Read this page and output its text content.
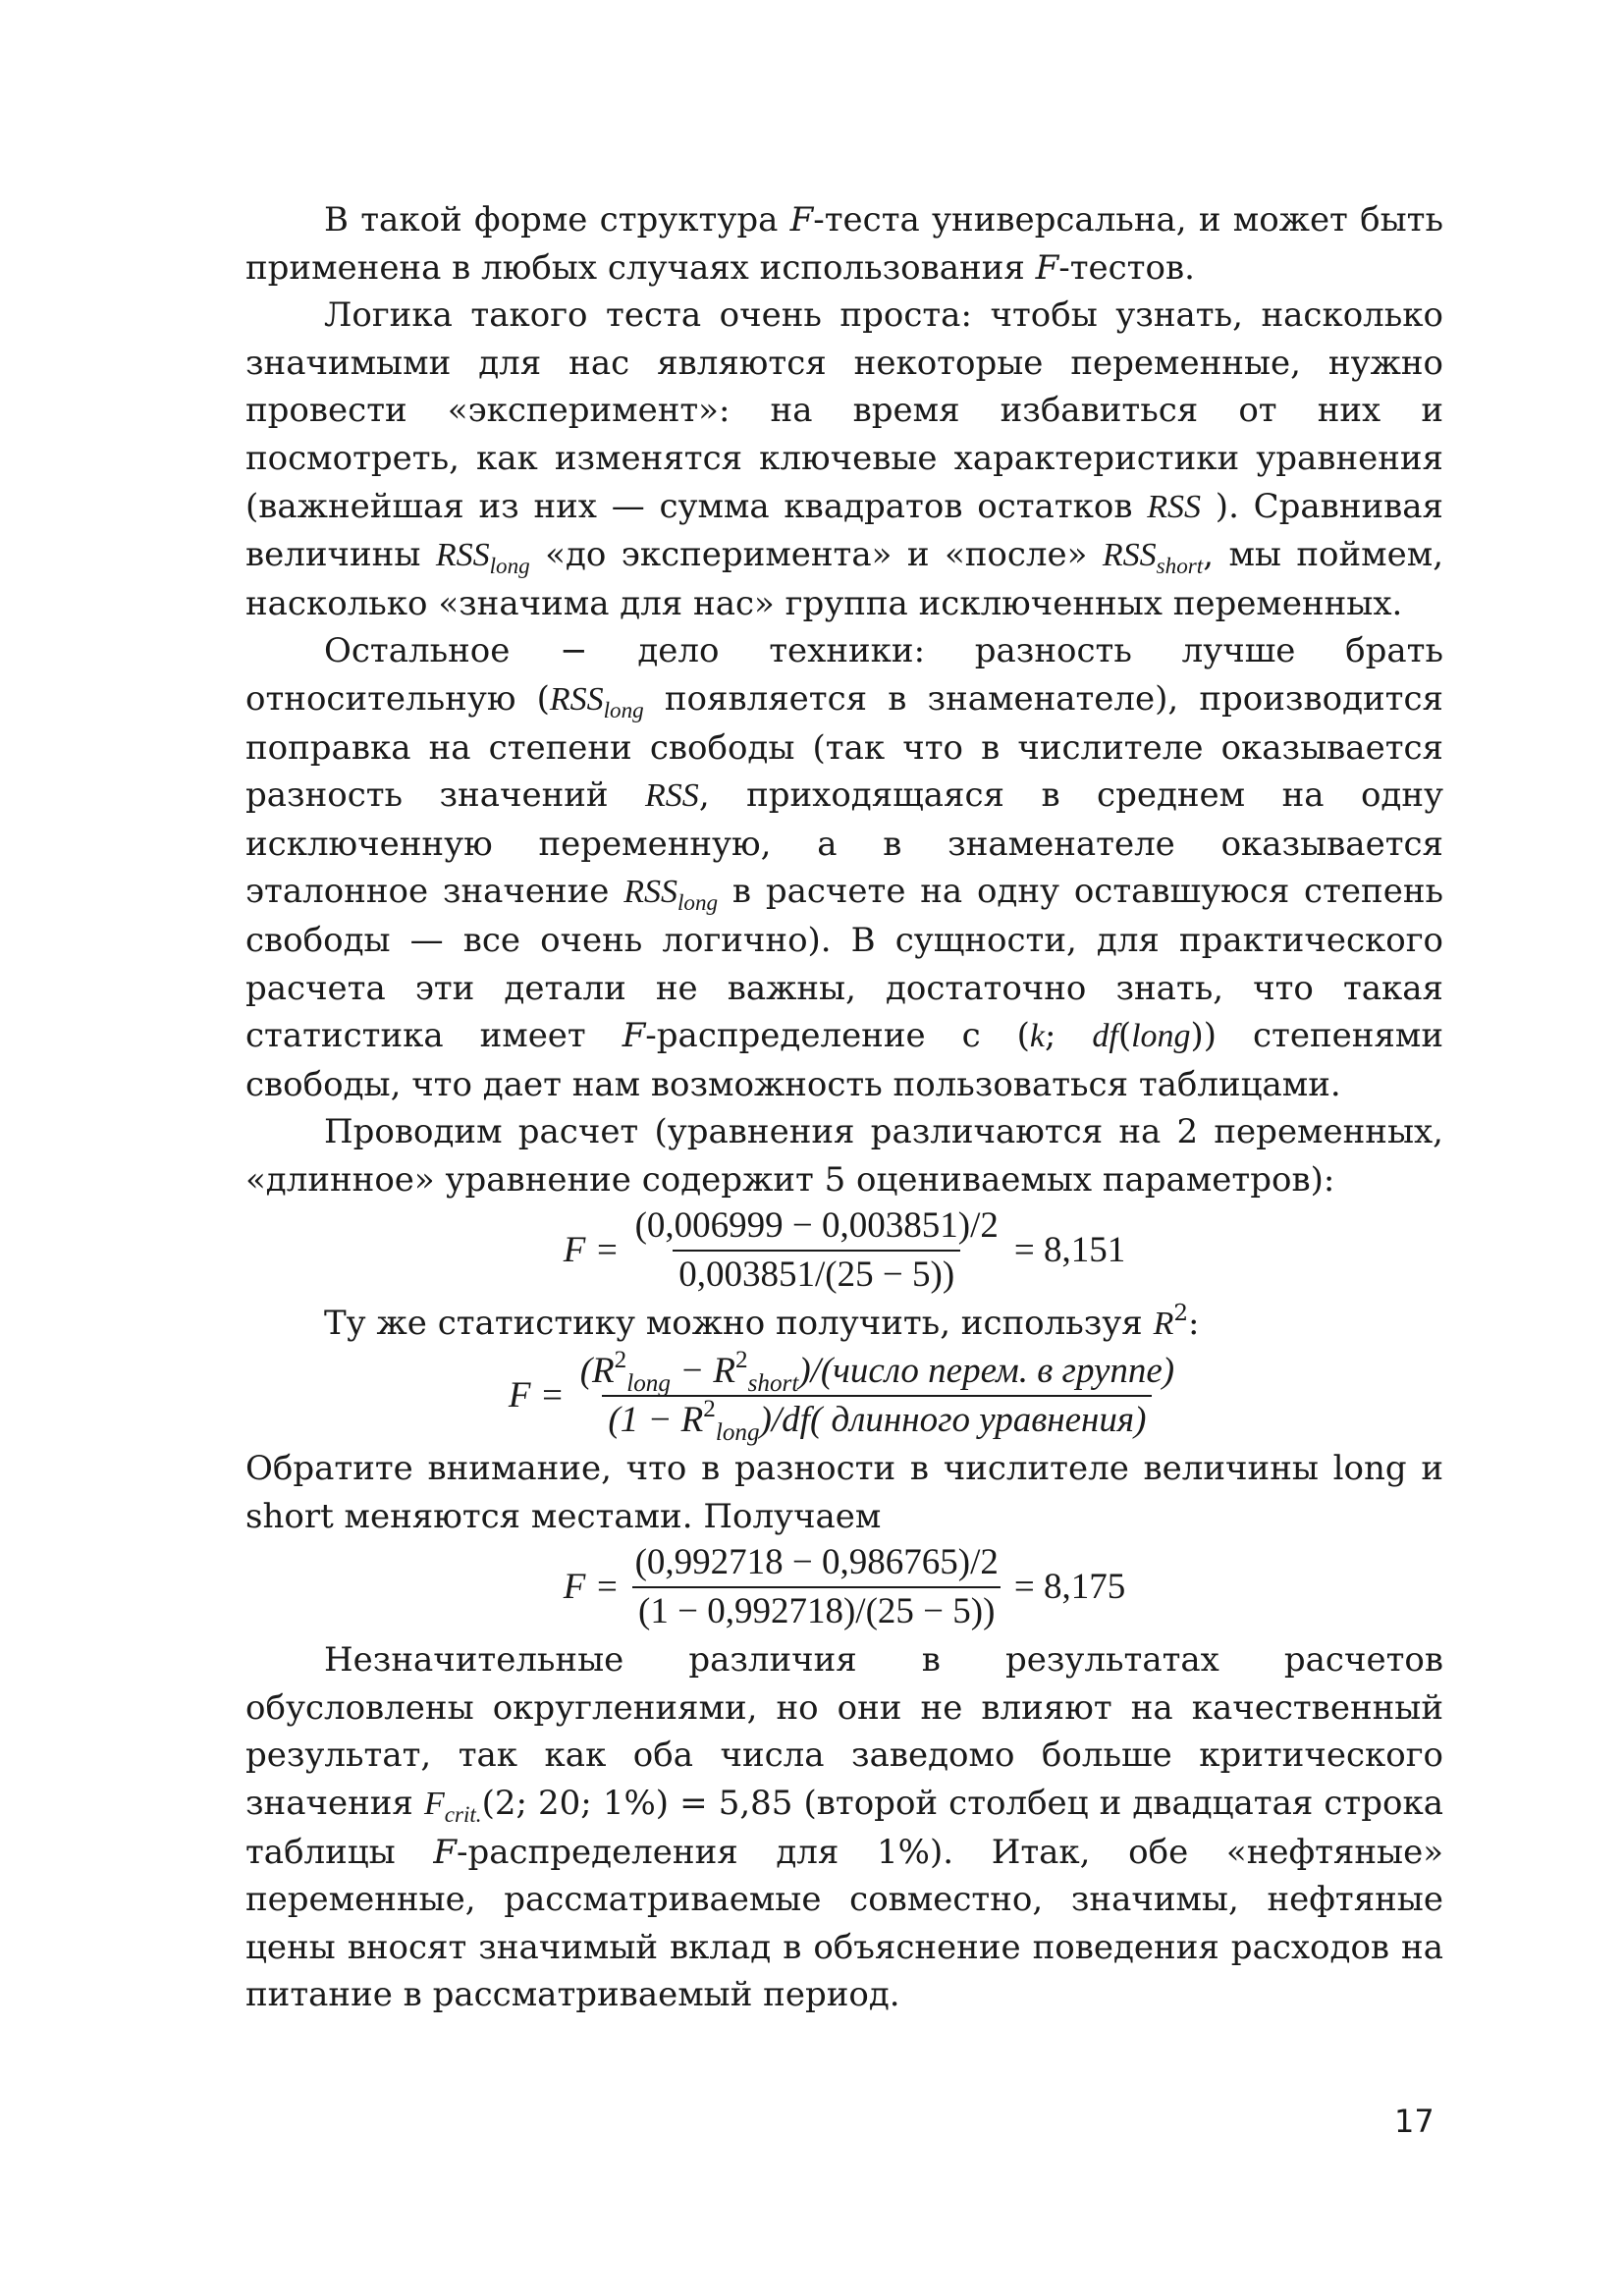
В такой форме структура F-теста универсальна, и может быть применена в любых случаях использования F-тестов.

Логика такого теста очень проста: чтобы узнать, насколько значимыми для нас являются некоторые переменные, нужно провести «эксперимент»: на время избавиться от них и посмотреть, как изменятся ключевые характеристики уравнения (важнейшая из них — сумма квадратов остатков RSS ). Сравнивая величины $RSS_{long}$ «до эксперимента» и «после» $RSS_{short}$, мы поймем, насколько «значима для нас» группа исключенных переменных.

Остальное − дело техники: разность лучше брать относительную ($RSS_{long}$ появляется в знаменателе), производится поправка на степени свободы (так что в числителе оказывается разность значений RSS, приходящаяся в среднем на одну исключенную переменную, а в знаменателе оказывается эталонное значение $RSS_{long}$ в расчете на одну оставшуюся степень свободы — все очень логично). В сущности, для практического расчета эти детали не важны, достаточно знать, что такая статистика имеет F-распределение с (k; df(long)) степенями свободы, что дает нам возможность пользоваться таблицами.

Проводим расчет (уравнения различаются на 2 переменных, «длинное» уравнение содержит 5 оцениваемых параметров):

$F = \frac{(0,006999 - 0,003851)/2}{0,003851/(25 - 5))} = 8,151$

Ту же статистику можно получить, используя $R^2$:

$F = \frac{(R^2_{long} - R^2_{short})/(число перем. в группе)}{(1 - R^2_{long})/df( длинного уравнения)}$

Обратите внимание, что в разности в числителе величины long и short меняются местами. Получаем

$F = \frac{(0,992718 - 0,986765)/2}{(1 - 0,992718)/(25 - 5))} = 8,175$

Незначительные различия в результатах расчетов обусловлены округлениями, но они не влияют на качественный результат, так как оба числа заведомо больше критического значения $F_{crit.}(2$; 20; 1%) = 5,85 (второй столбец и двадцатая строка таблицы F-распределения для 1%). Итак, обе «нефтяные» переменные, рассматриваемые совместно, значимы, нефтяные цены вносят значимый вклад в объяснение поведения расходов на питание в рассматриваемый период.

17
